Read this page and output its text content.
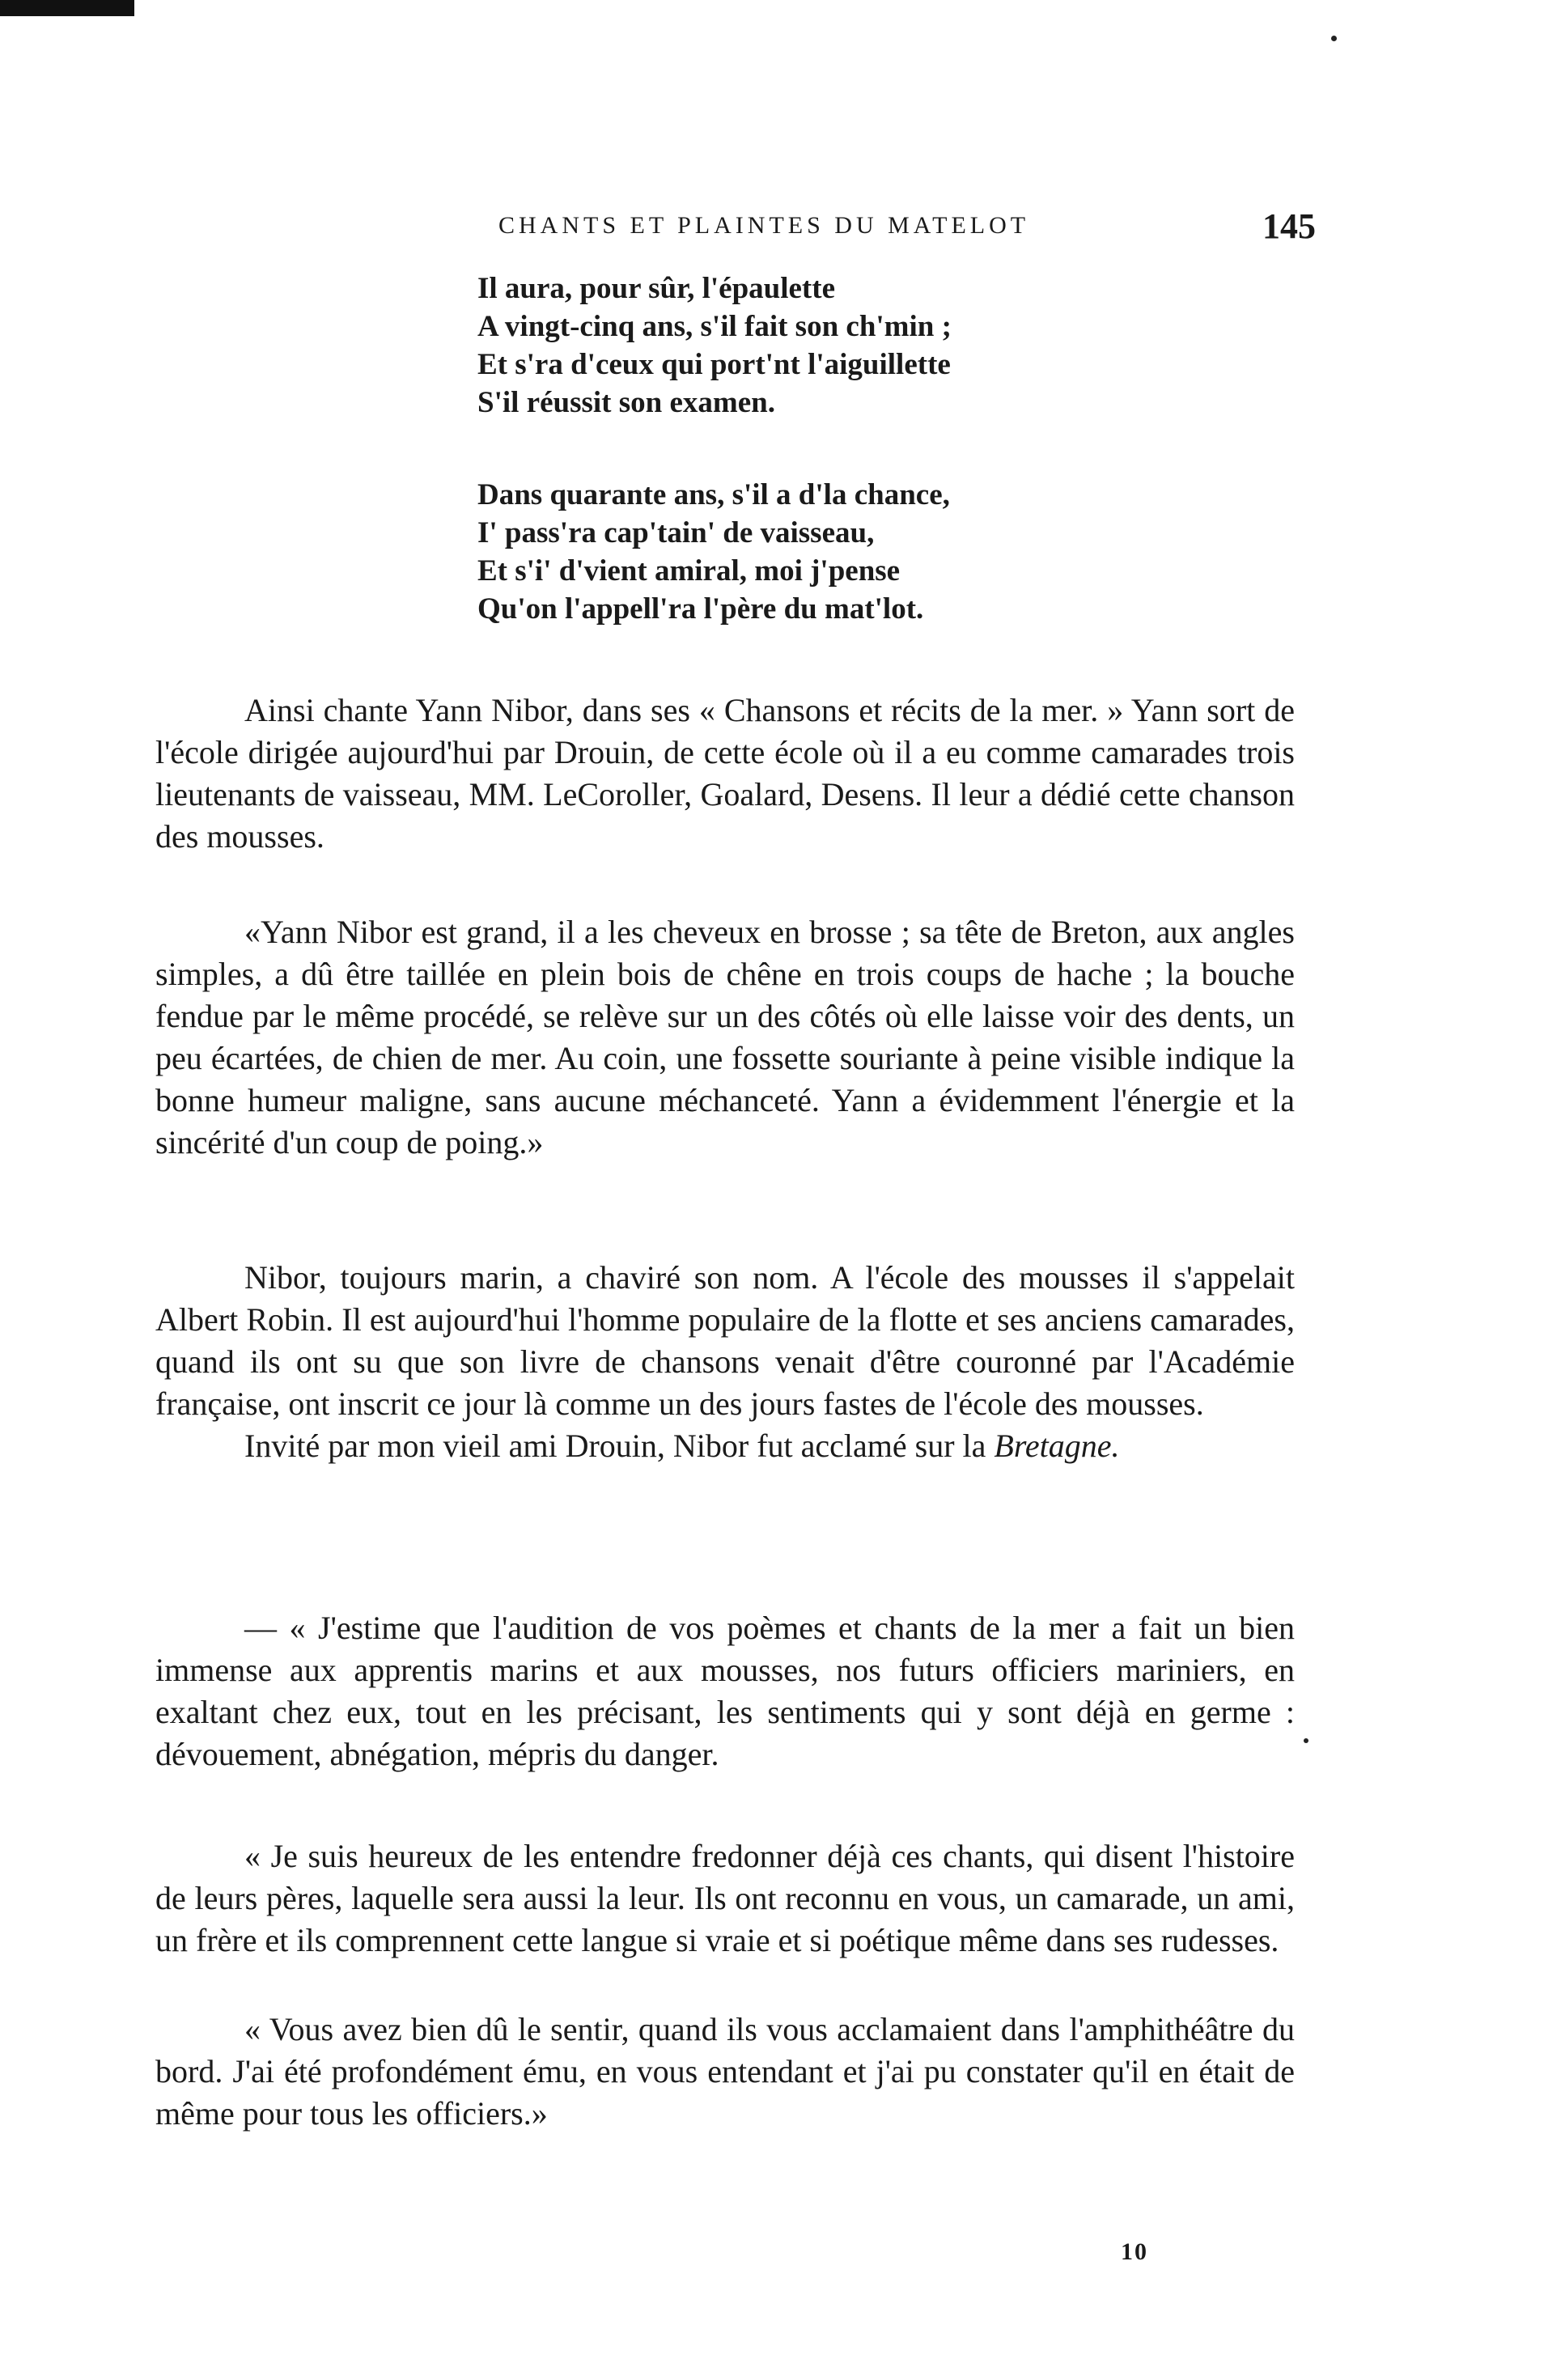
CHANTS ET PLAINTES DU MATELOT	145
Il aura, pour sûr, l'épaulette
A vingt-cinq ans, s'il fait son ch'min ;
Et s'ra d'ceux qui port'nt l'aiguillette
S'il réussit son examen.
Dans quarante ans, s'il a d'la chance,
I' pass'ra cap'tain' de vaisseau,
Et s'i' d'vient amiral, moi j'pense
Qu'on l'appell'ra l'père du mat'lot.

Ainsi chante Yann Nibor, dans ses « Chansons et récits de la mer. » Yann sort de l'école dirigée aujourd'hui par Drouin, de cette école où il a eu comme camarades trois lieutenants de vaisseau, MM. LeCoroller, Goalard, Desens. Il leur a dédié cette chanson des mousses.

«Yann Nibor est grand, il a les cheveux en brosse ; sa tête de Breton, aux angles simples, a dû être taillée en plein bois de chêne en trois coups de hache ; la bouche fendue par le même procédé, se relève sur un des côtés où elle laisse voir des dents, un peu écartées, de chien de mer. Au coin, une fossette souriante à peine visible indique la bonne humeur maligne, sans aucune méchanceté. Yann a évidemment l'énergie et la sincérité d'un coup de poing.»

Nibor, toujours marin, a chaviré son nom. A l'école des mousses il s'appelait Albert Robin. Il est aujourd'hui l'homme populaire de la flotte et ses anciens camarades, quand ils ont su que son livre de chansons venait d'être couronné par l'Académie française, ont inscrit ce jour là comme un des jours fastes de l'école des mousses.

Invité par mon vieil ami Drouin, Nibor fut acclamé sur la Bretagne.

— « J'estime que l'audition de vos poèmes et chants de la mer a fait un bien immense aux apprentis marins et aux mousses, nos futurs officiers mariniers, en exaltant chez eux, tout en les précisant, les sentiments qui y sont déjà en germe : dévouement, abnégation, mépris du danger.

« Je suis heureux de les entendre fredonner déjà ces chants, qui disent l'histoire de leurs pères, laquelle sera aussi la leur. Ils ont reconnu en vous, un camarade, un ami, un frère et ils comprennent cette langue si vraie et si poétique même dans ses rudesses.

« Vous avez bien dû le sentir, quand ils vous acclamaient dans l'amphithéâtre du bord. J'ai été profondément ému, en vous entendant et j'ai pu constater qu'il en était de même pour tous les officiers.»

10
